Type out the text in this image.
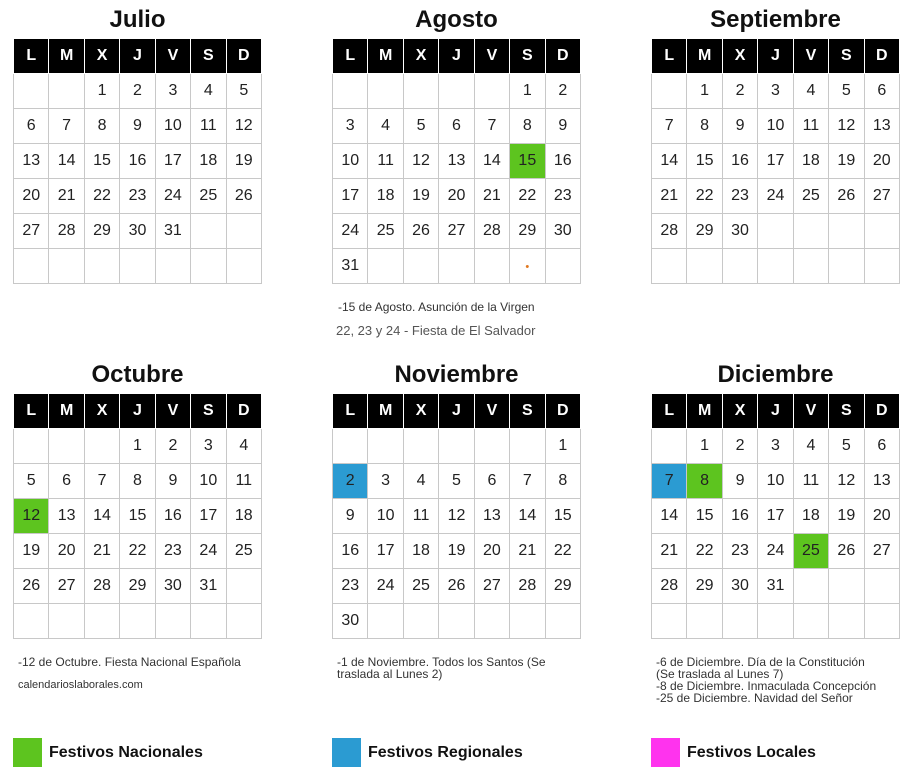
Julio
L	M	X	J	V	S	D
		1	2	3	4	5
6	7	8	9	10	11	12
13	14	15	16	17	18	19
20	21	22	23	24	25	26
27	28	29	30	31		

Agosto
L	M	X	J	V	S	D
					1	2
3	4	5	6	7	8	9
10	11	12	13	14	15	16
17	18	19	20	21	22	23
24	25	26	27	28	29	30
31					•	
Septiembre
L	M	X	J	V	S	D
	1	2	3	4	5	6
7	8	9	10	11	12	13
14	15	16	17	18	19	20
21	22	23	24	25	26	27
28	29	30				

Octubre
L	M	X	J	V	S	D
			1	2	3	4
5	6	7	8	9	10	11
12	13	14	15	16	17	18
19	20	21	22	23	24	25
26	27	28	29	30	31	

Noviembre
L	M	X	J	V	S	D
						1
2	3	4	5	6	7	8
9	10	11	12	13	14	15
16	17	18	19	20	21	22
23	24	25	26	27	28	29
30						
Diciembre
L	M	X	J	V	S	D
	1	2	3	4	5	6
7	8	9	10	11	12	13
14	15	16	17	18	19	20
21	22	23	24	25	26	27
28	29	30	31			

-15 de Agosto. Asunción de la Virgen
22, 23 y 24 - Fiesta de El Salvador
-12 de Octubre. Fiesta Nacional Española
calendarioslaborales.com
-1 de Noviembre. Todos los Santos (Se
traslada al Lunes 2)
-6 de Diciembre. Día de la Constitución
(Se traslada al Lunes 7)
-8 de Diciembre. Inmaculada Concepción
-25 de Diciembre. Navidad del Señor
Festivos Nacionales	Festivos Regionales	Festivos Locales
